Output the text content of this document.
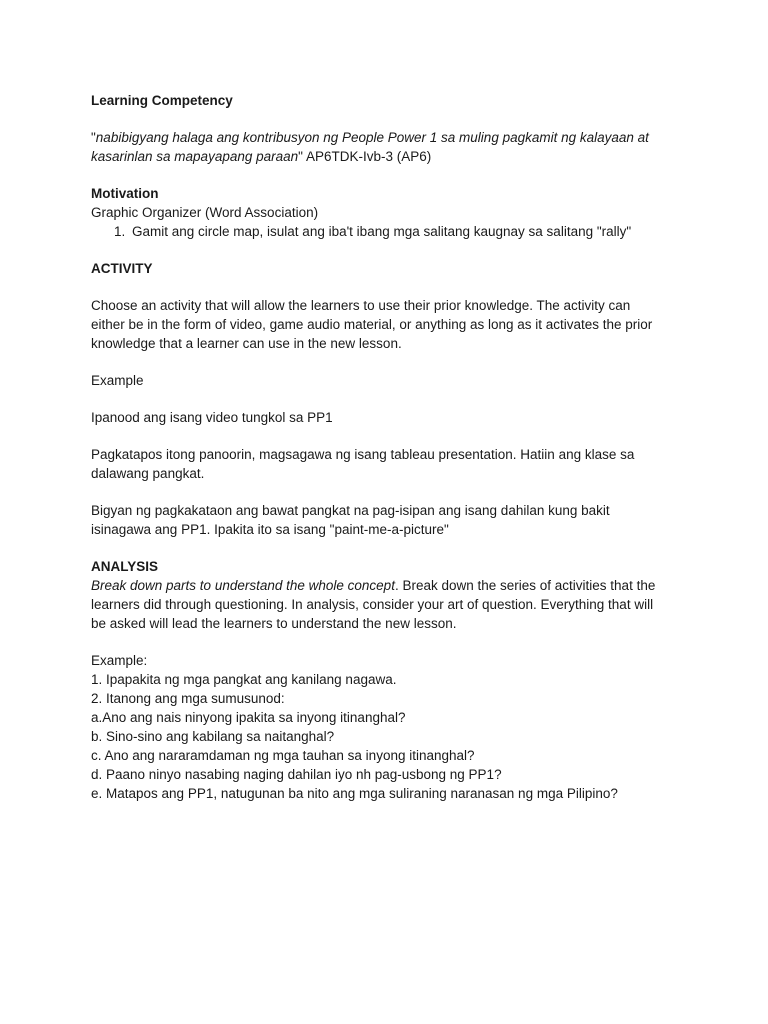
Learning Competency
"nabibigyang halaga ang kontribusyon ng People Power 1 sa muling pagkamit ng kalayaan at
kasarinlan sa mapayapang paraan" AP6TDK-Ivb-3 (AP6)
Motivation
Graphic Organizer (Word Association)
1. Gamit ang circle map, isulat ang iba't ibang mga salitang kaugnay sa salitang "rally"
ACTIVITY
Choose an activity that will allow the learners to use their prior knowledge. The activity can
either be in the form of video, game audio material, or anything as long as it activates the prior
knowledge that a learner can use in the new lesson.
Example
Ipanood ang isang video tungkol sa PP1
Pagkatapos itong panoorin, magsagawa ng isang tableau presentation. Hatiin ang klase sa
dalawang pangkat.
Bigyan ng pagkakataon ang bawat pangkat na pag-isipan ang isang dahilan kung bakit
isinagawa ang PP1. Ipakita ito sa isang "paint-me-a-picture"
ANALYSIS
Break down parts to understand the whole concept. Break down the series of activities that the
learners did through questioning. In analysis, consider your art of question. Everything that will
be asked will lead the learners to understand the new lesson.
Example:
1. Ipapakita ng mga pangkat ang kanilang nagawa.
2. Itanong ang mga sumusunod:
a.Ano ang nais ninyong ipakita sa inyong itinanghal?
b. Sino-sino ang kabilang sa naitanghal?
c. Ano ang nararamdaman ng mga tauhan sa inyong itinanghal?
d. Paano ninyo nasabing naging dahilan iyo nh pag-usbong ng PP1?
e. Matapos ang PP1, natugunan ba nito ang mga suliraning naranasan ng mga Pilipino?
